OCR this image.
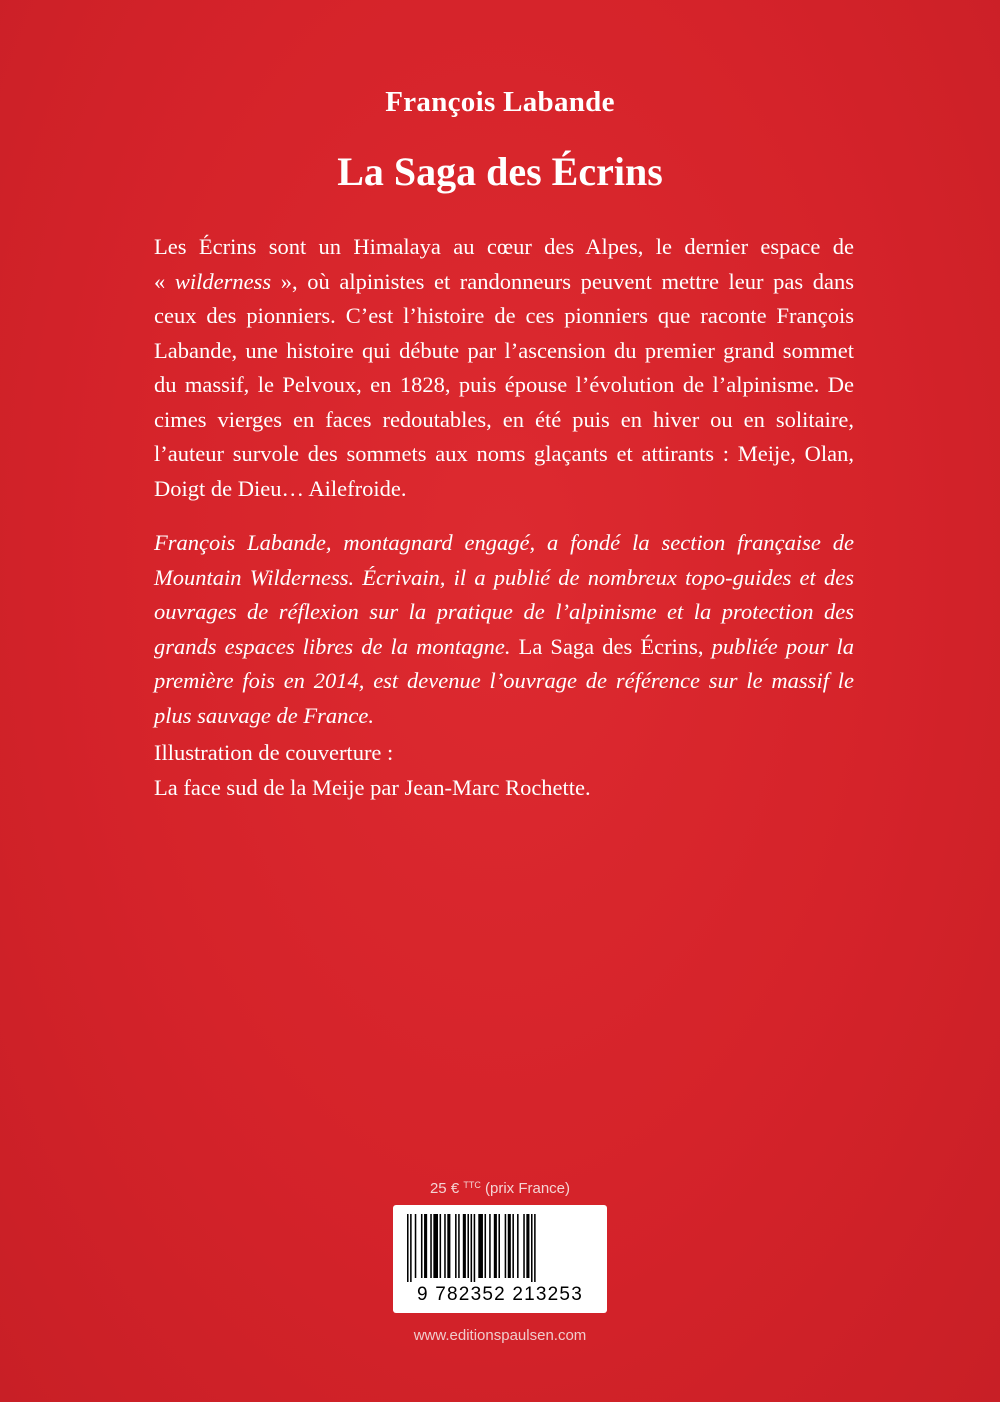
François Labande
La Saga des Écrins

Les Écrins sont un Himalaya au cœur des Alpes, le dernier espace de « wilderness », où alpinistes et randonneurs peuvent mettre leur pas dans ceux des pionniers. C’est l’histoire de ces pionniers que raconte François Labande, une histoire qui débute par l’ascension du premier grand sommet du massif, le Pelvoux, en 1828, puis épouse l’évolution de l’alpinisme. De cimes vierges en faces redoutables, en été puis en hiver ou en solitaire, l’auteur survole des sommets aux noms glaçants et attirants : Meije, Olan, Doigt de Dieu… Ailefroide.

François Labande, montagnard engagé, a fondé la section française de Mountain Wilderness. Écrivain, il a publié de nombreux topo-guides et des ouvrages de réflexion sur la pratique de l’alpinisme et la protection des grands espaces libres de la montagne. La Saga des Écrins, publiée pour la première fois en 2014, est devenue l’ouvrage de référence sur le massif le plus sauvage de France.

Illustration de couverture :
La face sud de la Meije par Jean-Marc Rochette.
25 € $^{TTC}$ (prix France)
9 782352 213253
www.editionspaulsen.com
